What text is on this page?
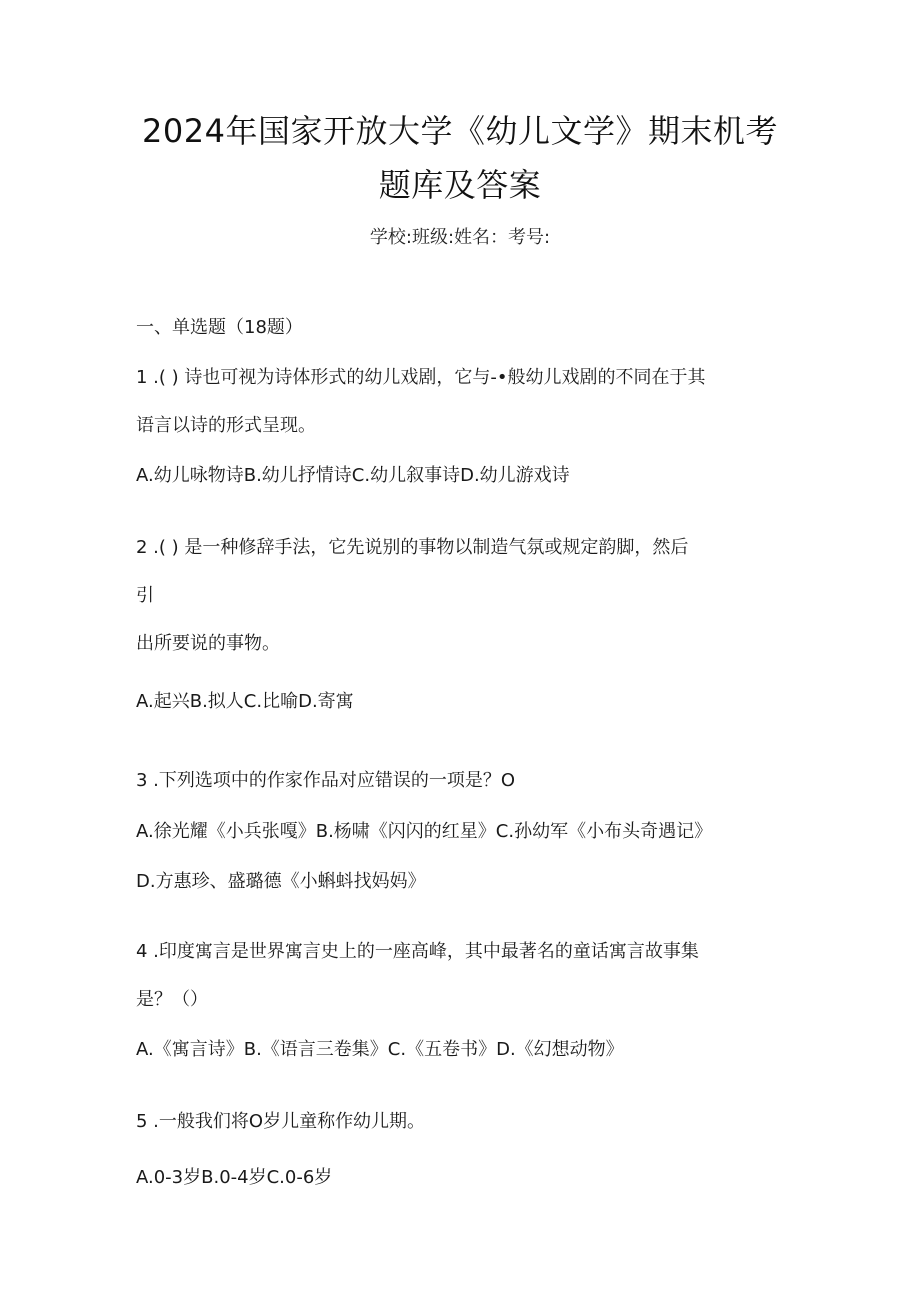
2024年国家开放大学《幼儿文学》期末机考
题库及答案
学校:班级:姓名：考号:
一、单选题（18题）
1 .( ) 诗也可视为诗体形式的幼儿戏剧，它与-•般幼儿戏剧的不同在于其
语言以诗的形式呈现。
A.幼儿咏物诗B.幼儿抒情诗C.幼儿叙事诗D.幼儿游戏诗
2 .( ) 是一种修辞手法，它先说别的事物以制造气氛或规定韵脚，然后
引
出所要说的事物。
A.起兴B.拟人C.比喻D.寄寓
3 .下列选项中的作家作品对应错误的一项是？O
A.徐光耀《小兵张嘎》B.杨啸《闪闪的红星》C.孙幼军《小布头奇遇记》
D.方惠珍、盛璐德《小蝌蚪找妈妈》
4 .印度寓言是世界寓言史上的一座高峰，其中最著名的童话寓言故事集
是？（）
A.《寓言诗》B.《语言三卷集》C.《五卷书》D.《幻想动物》
5 .一般我们将O岁儿童称作幼儿期。
A.0-3岁B.0-4岁C.0-6岁
